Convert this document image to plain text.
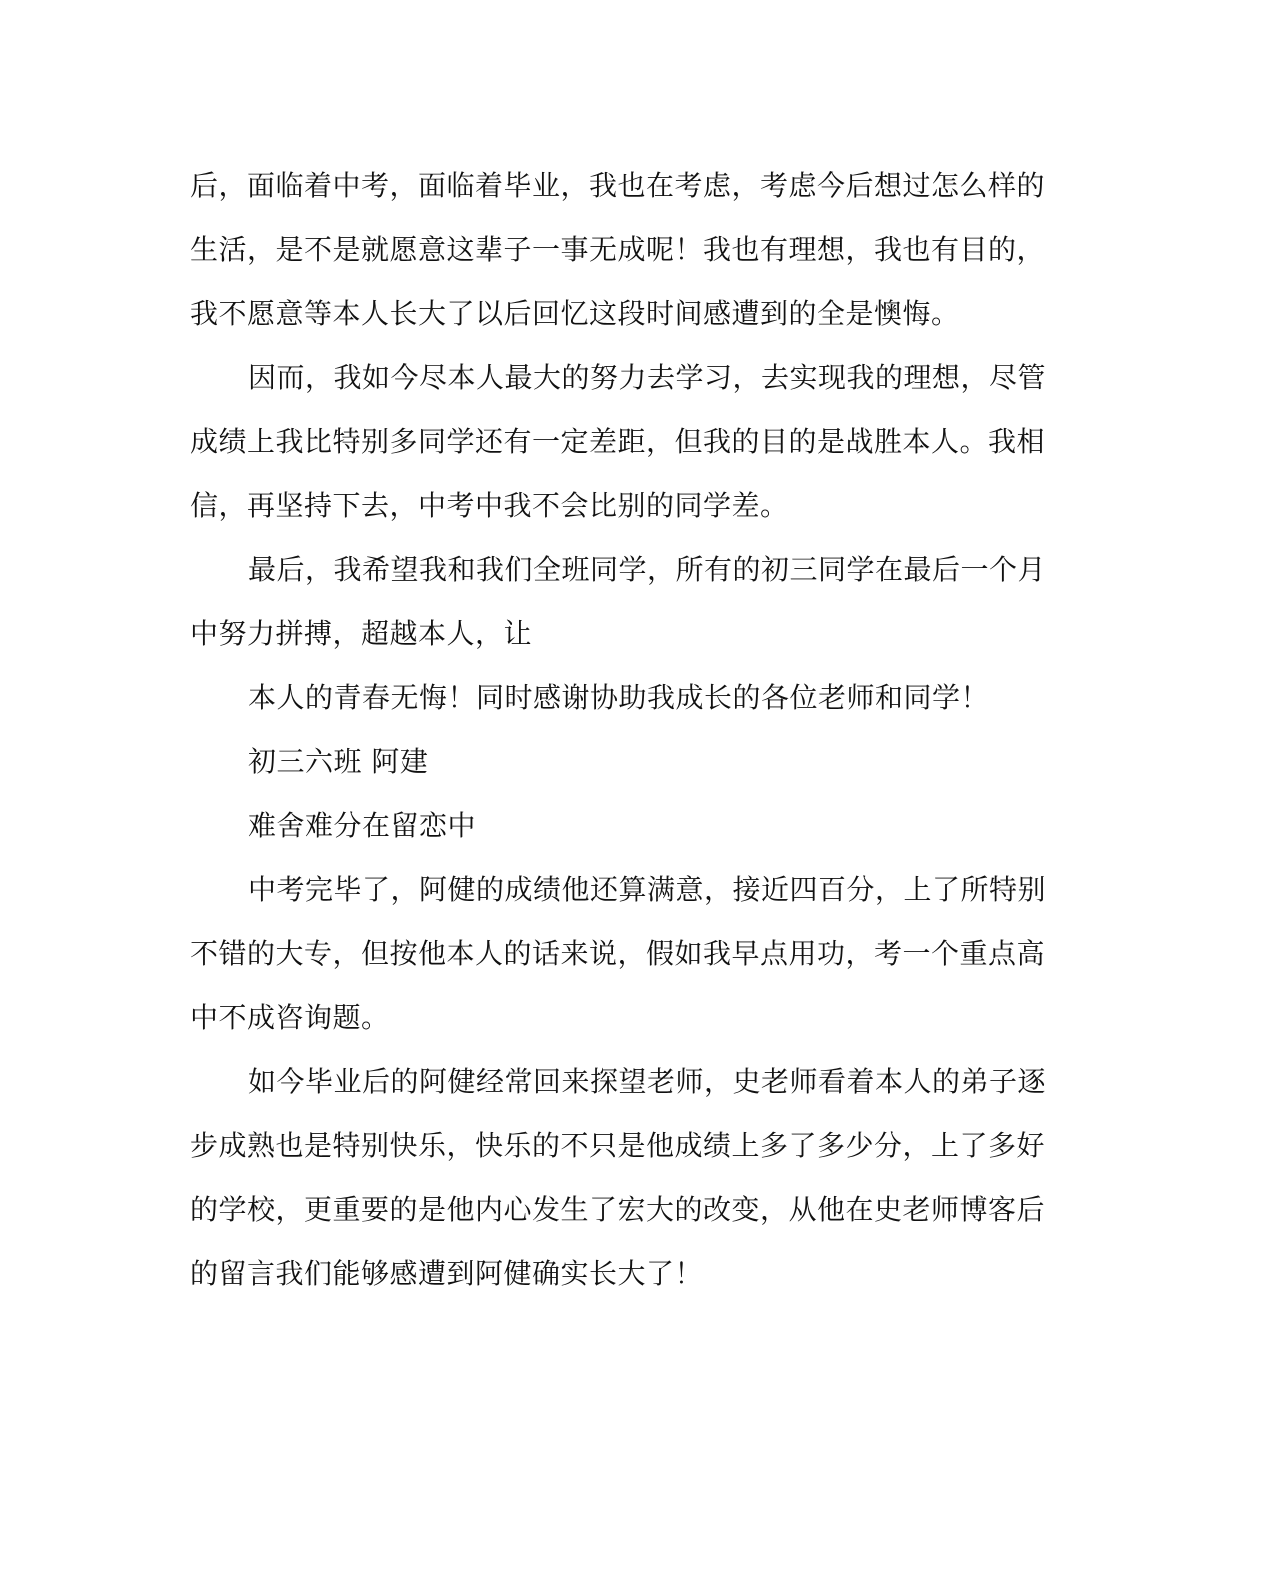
后，面临着中考，面临着毕业，我也在考虑，考虑今后想过怎么样的
生活，是不是就愿意这辈子一事无成呢！我也有理想，我也有目的，
我不愿意等本人长大了以后回忆这段时间感遭到的全是懊悔。
因而，我如今尽本人最大的努力去学习，去实现我的理想，尽管
成绩上我比特别多同学还有一定差距，但我的目的是战胜本人。我相
信，再坚持下去，中考中我不会比别的同学差。
最后，我希望我和我们全班同学，所有的初三同学在最后一个月
中努力拼搏，超越本人，让
本人的青春无悔！同时感谢协助我成长的各位老师和同学！
初三六班 阿建
难舍难分在留恋中
中考完毕了，阿健的成绩他还算满意，接近四百分，上了所特别
不错的大专，但按他本人的话来说，假如我早点用功，考一个重点高
中不成咨询题。
如今毕业后的阿健经常回来探望老师，史老师看着本人的弟子逐
步成熟也是特别快乐，快乐的不只是他成绩上多了多少分，上了多好
的学校，更重要的是他内心发生了宏大的改变，从他在史老师博客后
的留言我们能够感遭到阿健确实长大了！
